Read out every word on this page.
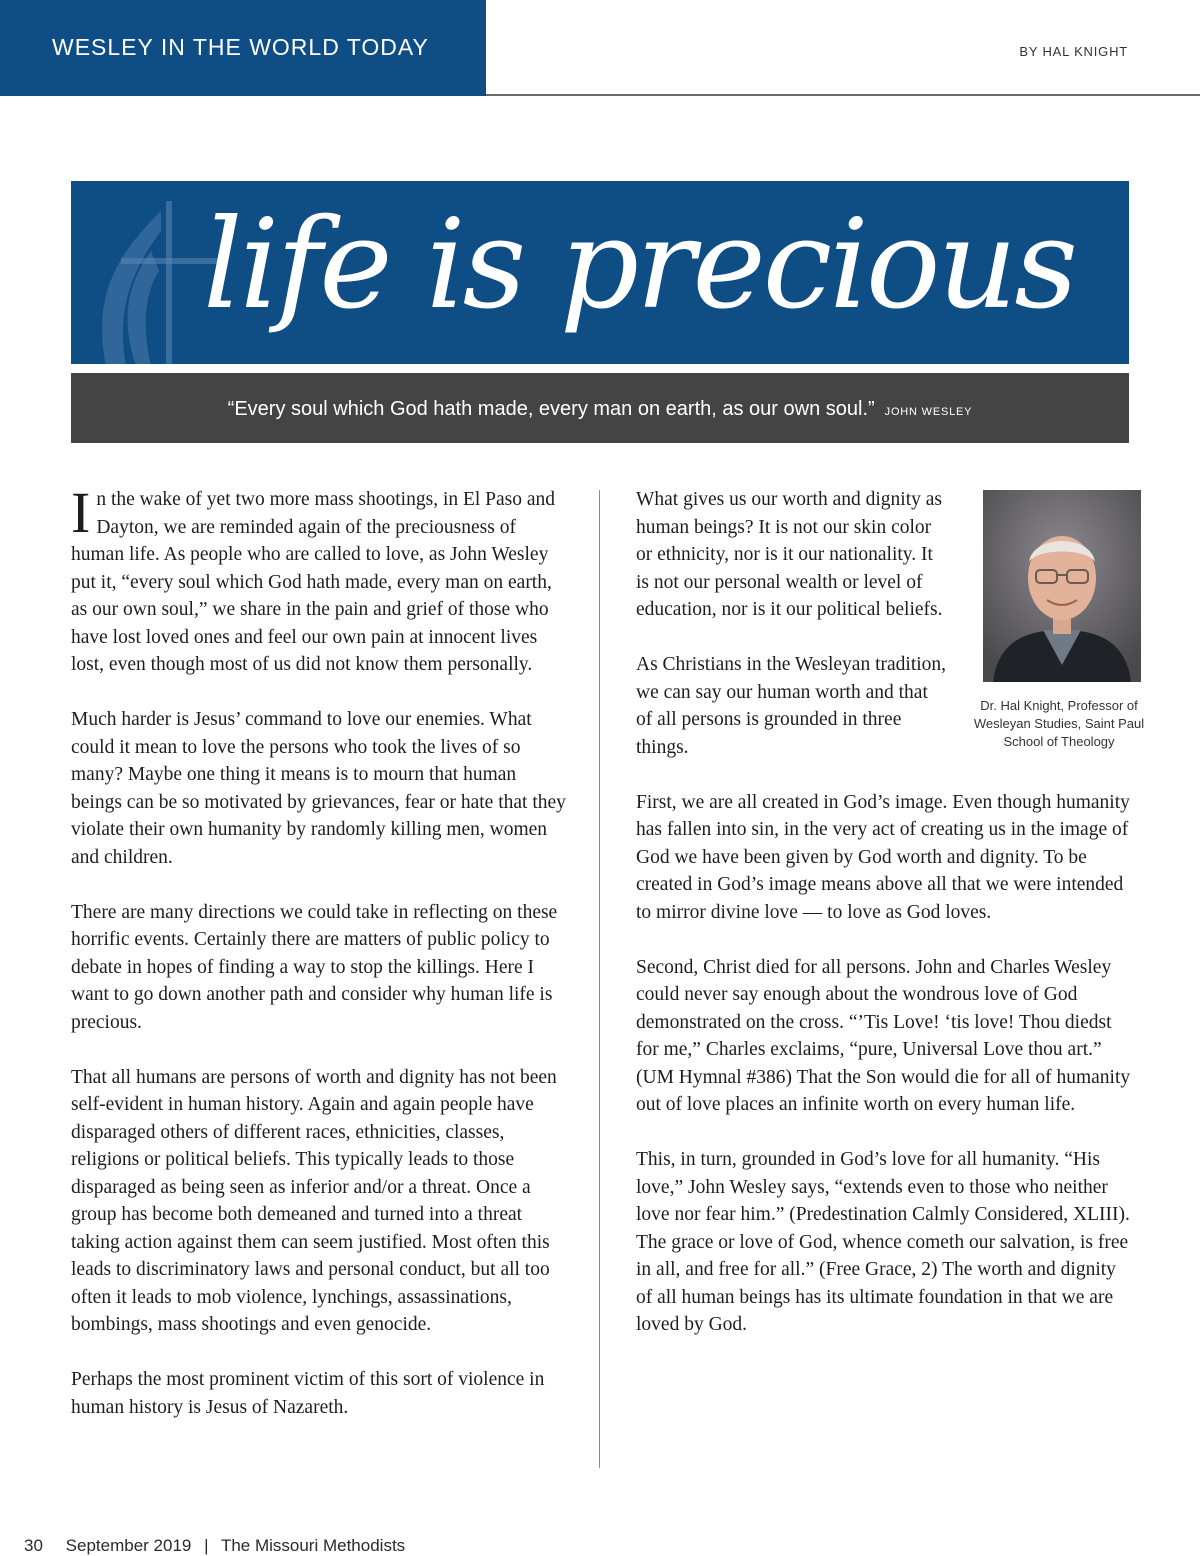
WESLEY IN THE WORLD TODAY	BY HAL KNIGHT
life is precious
“Every soul which God hath made, every man on earth, as our own soul.” JOHN WESLEY

In the wake of yet two more mass shootings, in El Paso and Dayton, we are reminded again of the preciousness of human life. As people who are called to love, as John Wesley put it, “every soul which God hath made, every man on earth, as our own soul,” we share in the pain and grief of those who have lost loved ones and feel our own pain at innocent lives lost, even though most of us did not know them personally.

Much harder is Jesus’ command to love our enemies. What could it mean to love the persons who took the lives of so many? Maybe one thing it means is to mourn that human beings can be so motivated by grievances, fear or hate that they violate their own humanity by randomly killing men, women and children.

There are many directions we could take in reflecting on these horrific events. Certainly there are matters of public policy to debate in hopes of finding a way to stop the killings. Here I want to go down another path and consider why human life is precious.

That all humans are persons of worth and dignity has not been self-evident in human history. Again and again people have disparaged others of different races, ethnicities, classes, religions or political beliefs. This typically leads to those disparaged as being seen as inferior and/or a threat. Once a group has become both demeaned and turned into a threat taking action against them can seem justified. Most often this leads to discriminatory laws and personal conduct, but all too often it leads to mob violence, lynchings, assassinations, bombings, mass shootings and even genocide.

Perhaps the most prominent victim of this sort of violence in human history is Jesus of Nazareth.

Dr. Hal Knight, Professor of Wesleyan Studies, Saint Paul School of Theology

What gives us our worth and dignity as human beings? It is not our skin color or ethnicity, nor is it our nationality. It is not our personal wealth or level of education, nor is it our political beliefs.

As Christians in the Wesleyan tradition, we can say our human worth and that of all persons is grounded in three things.

First, we are all created in God’s image. Even though humanity has fallen into sin, in the very act of creating us in the image of God we have been given by God worth and dignity. To be created in God’s image means above all that we were intended to mirror divine love — to love as God loves.

Second, Christ died for all persons. John and Charles Wesley could never say enough about the wondrous love of God demonstrated on the cross. “’Tis Love! ‘tis love! Thou diedst for me,” Charles exclaims, “pure, Universal Love thou art.” (UM Hymnal #386) That the Son would die for all of humanity out of love places an infinite worth on every human life.

This, in turn, grounded in God’s love for all humanity. “His love,” John Wesley says, “extends even to those who neither love nor fear him.” (Predestination Calmly Considered, XLIII). The grace or love of God, whence cometh our salvation, is free in all, and free for all.” (Free Grace, 2) The worth and dignity of all human beings has its ultimate foundation in that we are loved by God.

30 September 2019 | The Missouri Methodists
